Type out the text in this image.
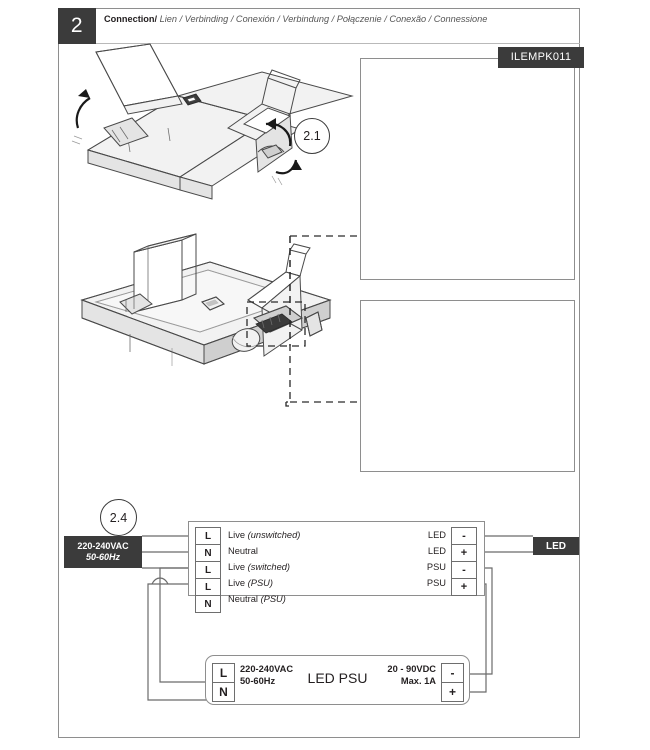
2	Connection/ Lien / Verbinding / Conexión / Verbindung / Połączenie / Conexão / Connessione
2.1
2.4
ILEMPK011
220-240VAC
50-60Hz
LED
L
N
L
L
N
Live (unswitched)
Neutral
Live (switched)
Live (PSU)
Neutral (PSU)
LED
LED
PSU
PSU
-
+
-
+
L
N
220-240VAC
50-60Hz	LED PSU
20 - 90VDC
Max. 1A
-
+
